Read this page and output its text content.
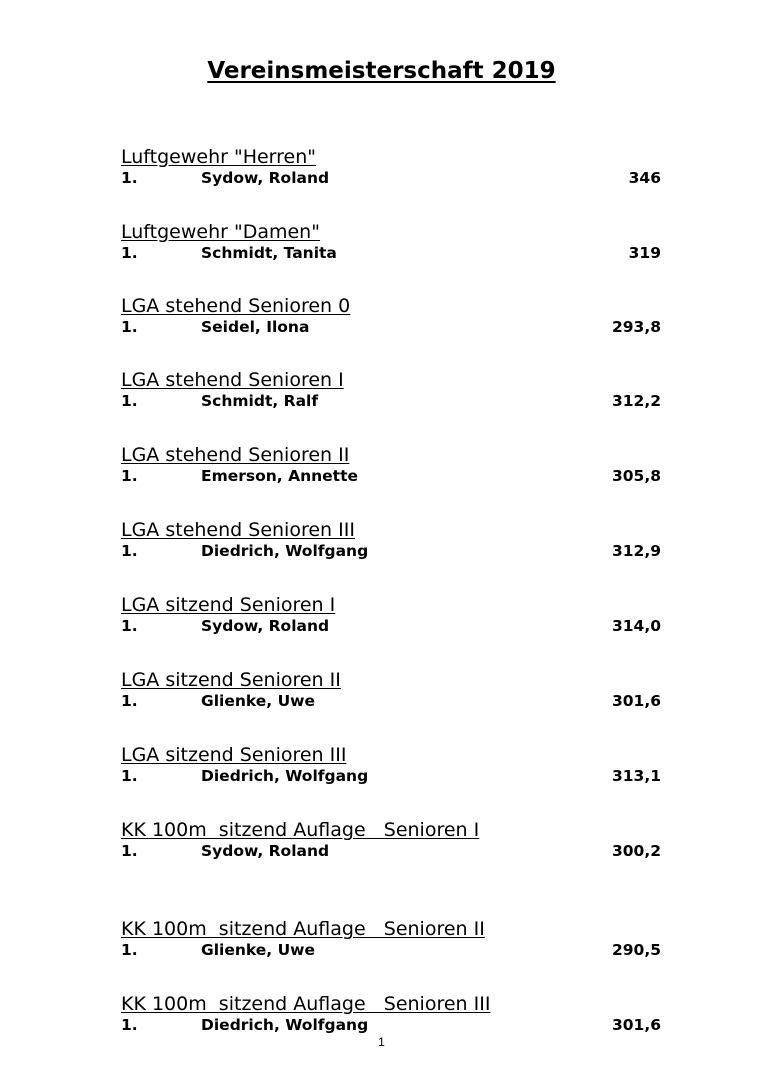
Vereinsmeisterschaft 2019
Luftgewehr "Herren"
1.	Sydow, Roland	346
Luftgewehr "Damen"
1.	Schmidt, Tanita	319
LGA stehend Senioren 0
1.	Seidel, Ilona	293,8
LGA stehend Senioren I
1.	Schmidt, Ralf	312,2
LGA stehend Senioren II
1.	Emerson, Annette	305,8
LGA stehend Senioren III
1.	Diedrich, Wolfgang	312,9
LGA sitzend Senioren I
1.	Sydow, Roland	314,0
LGA sitzend Senioren II
1.	Glienke, Uwe	301,6
LGA sitzend Senioren III
1.	Diedrich, Wolfgang	313,1
KK 100m  sitzend Auflage   Senioren I
1.	Sydow, Roland	300,2
KK 100m  sitzend Auflage   Senioren II
1.	Glienke, Uwe	290,5
KK 100m  sitzend Auflage   Senioren III
1.	Diedrich, Wolfgang	301,6
1
